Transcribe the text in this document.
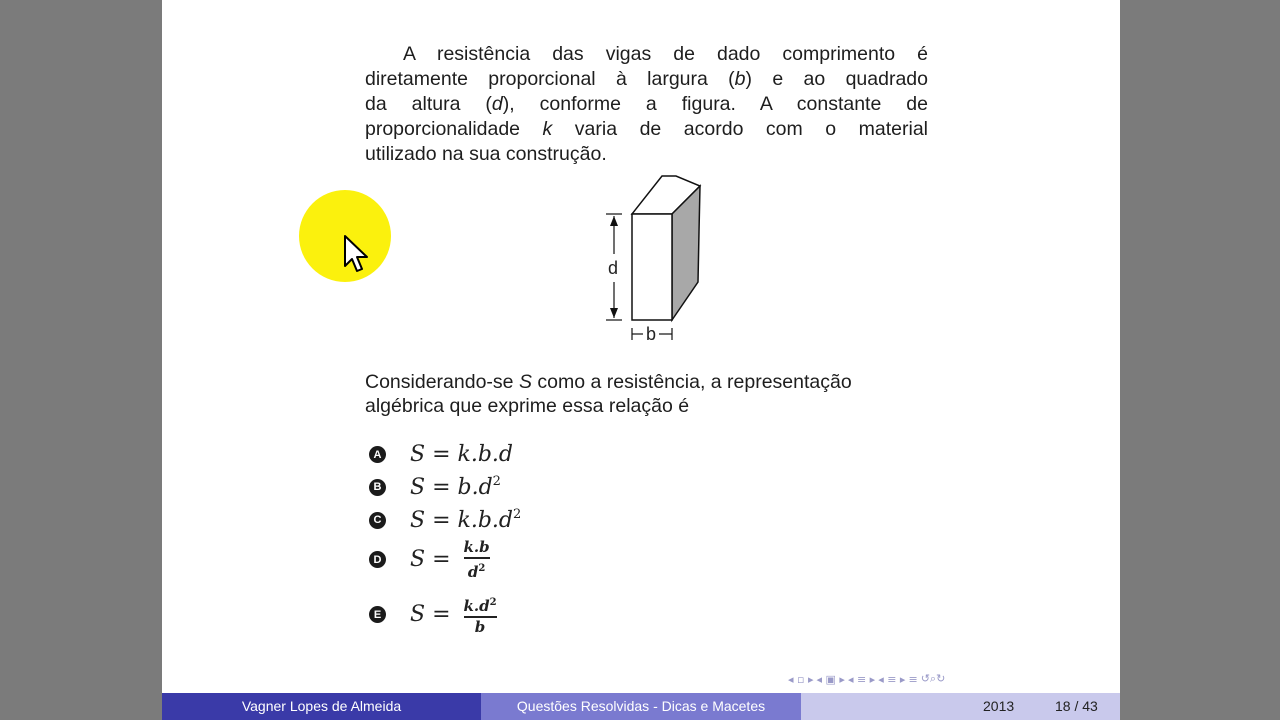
A resistência das vigas de dado comprimento é
diretamente proporcional à largura (b) e ao quadrado
da altura (d), conforme a figura. A constante de
proporcionalidade k varia de acordo com o material
utilizado na sua construção.
d
b
Considerando-se S como a resistência, a representação
algébrica que exprime essa relação é
A S = k.b.d
B $S = b.d^2$
C $S = k.b.d^2$
D $S = \frac{k.b}{d^2}$
E $S = \frac{k.d^2}{b}$
◂ ▫ ▸ ◂ ▣ ▸ ◂ ≡ ▸ ◂ ≡ ▸ ≡ ↺⌕↻
Vagner Lopes de Almeida	Questões Resolvidas - Dicas e Macetes	2013	18 / 43
